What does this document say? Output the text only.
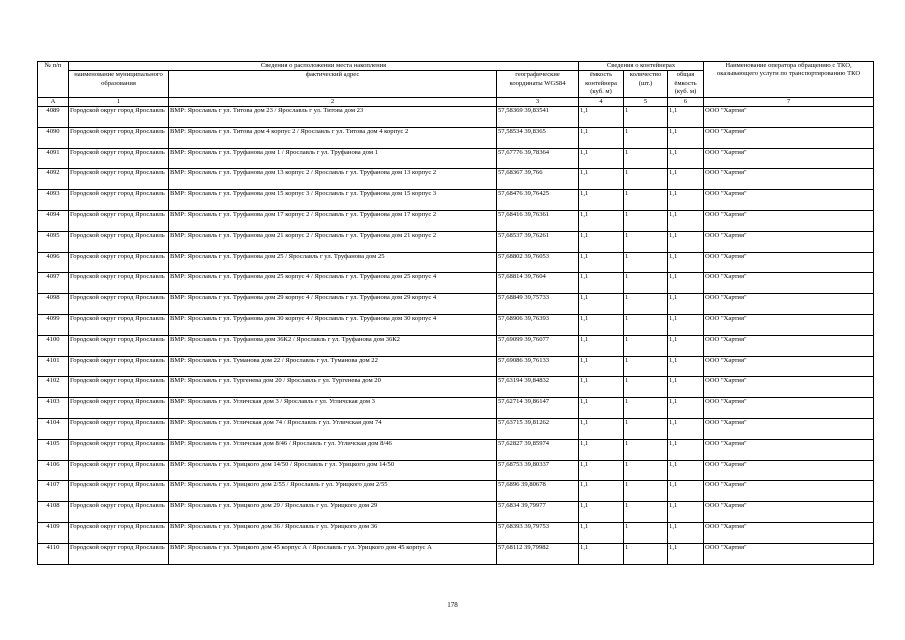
№ п/п	Сведения о расположении места накопления			Сведения о контейнерах			Наименование оператора обращению с ТКО, оказывающего услуги по транспортированию ТКО
	наименование муниципального образования	фактический адрес	географические координаты WGS84	ёмкость контейнера (куб. м)	количество (шт.)	общая ёмкость (куб. м)	
А	1	2	3	4	5	6	7
4089	Городской округ город Ярославль	ВМР: Ярославль г ул. Титова дом 23 / Ярославль г ул. Титова дом 23	57,58369 39,83541	1,1	1	1,1	ООО "Хартия"
4090	Городской округ город Ярославль	ВМР: Ярославль г ул. Титова дом 4 корпус 2 / Ярославль г ул. Титова дом 4 корпус 2	57,58534 39,8365	1,1	1	1,1	ООО "Хартия"
4091	Городской округ город Ярославль	ВМР: Ярославль г ул. Труфанова дом 1 / Ярославль г ул. Труфанова дом 1	57,67776 39,78364	1,1	1	1,1	ООО "Хартия"
4092	Городской округ город Ярославль	ВМР: Ярославль г ул. Труфанова дом 13 корпус 2 / Ярославль г ул. Труфанова дом 13 корпус 2	57,68367 39,766	1,1	1	1,1	ООО "Хартия"
4093	Городской округ город Ярославль	ВМР: Ярославль г ул. Труфанова дом 15 корпус 3 / Ярославль г ул. Труфанова дом 15 корпус 3	57,68476 39,76425	1,1	1	1,1	ООО "Хартия"
4094	Городской округ город Ярославль	ВМР: Ярославль г ул. Труфанова дом 17 корпус 2 / Ярославль г ул. Труфанова дом 17 корпус 2	57,68416 39,76361	1,1	1	1,1	ООО "Хартия"
4095	Городской округ город Ярославль	ВМР: Ярославль г ул. Труфанова дом 21 корпус 2 / Ярославль г ул. Труфанова дом 21 корпус 2	57,68537 39,76261	1,1	1	1,1	ООО "Хартия"
4096	Городской округ город Ярославль	ВМР: Ярославль г ул. Труфанова дом 25 / Ярославль г ул. Труфанова дом 25	57,68802 39,76053	1,1	1	1,1	ООО "Хартия"
4097	Городской округ город Ярославль	ВМР: Ярославль г ул. Труфанова дом 25 корпус 4 / Ярославль г ул. Труфанова дом 25 корпус 4	57,68814 39,7604	1,1	1	1,1	ООО "Хартия"
4098	Городской округ город Ярославль	ВМР: Ярославль г ул. Труфанова дом 29 корпус 4 / Ярославль г ул. Труфанова дом 29 корпус 4	57,68849 39,75733	1,1	1	1,1	ООО "Хартия"
4099	Городской округ город Ярославль	ВМР: Ярославль г ул. Труфанова дом 30 корпус 4 / Ярославль г ул. Труфанова дом 30 корпус 4	57,68906 39,76393	1,1	1	1,1	ООО "Хартия"
4100	Городской округ город Ярославль	ВМР: Ярославль г ул. Труфанова дом 36К2 / Ярославль г ул. Труфанова дом 36К2	57,69099 39,76077	1,1	1	1,1	ООО "Хартия"
4101	Городской округ город Ярославль	ВМР: Ярославль г ул. Туманова дом 22 / Ярославль г ул. Туманова дом 22	57,69086 39,76133	1,1	1	1,1	ООО "Хартия"
4102	Городской округ город Ярославль	ВМР: Ярославль г ул. Тургенева дом 20 / Ярославль г ул. Тургенева дом 20	57,63194 39,84832	1,1	1	1,1	ООО "Хартия"
4103	Городской округ город Ярославль	ВМР: Ярославль г ул. Угличская дом 3 / Ярославль г ул. Угличская дом 3	57,62714 39,86147	1,1	1	1,1	ООО "Хартия"
4104	Городской округ город Ярославль	ВМР: Ярославль г ул. Угличская дом 74 / Ярославль г ул. Угличская дом 74	57,63715 39,81262	1,1	1	1,1	ООО "Хартия"
4105	Городской округ город Ярославль	ВМР: Ярославль г ул. Угличская дом 8/46 / Ярославль г ул. Угличская дом 8/46	57,62827 39,85974	1,1	1	1,1	ООО "Хартия"
4106	Городской округ город Ярославль	ВМР: Ярославль г ул. Урицкого дом 14/50 / Ярославль г ул. Урицкого дом 14/50	57,68753 39,80337	1,1	1	1,1	ООО "Хартия"
4107	Городской округ город Ярославль	ВМР: Ярославль г ул. Урицкого дом 2/55 / Ярославль г ул. Урицкого дом 2/55	57,6896 39,80678	1,1	1	1,1	ООО "Хартия"
4108	Городской округ город Ярославль	ВМР: Ярославль г ул. Урицкого дом 29 / Ярославль г ул. Урицкого дом 29	57,6834 39,79977	1,1	1	1,1	ООО "Хартия"
4109	Городской округ город Ярославль	ВМР: Ярославль г ул. Урицкого дом 36 / Ярославль г ул. Урицкого дом 36	57,68393 39,79753	1,1	1	1,1	ООО "Хартия"
4110	Городской округ город Ярославль	ВМР: Ярославль г ул. Урицкого дом 45 корпус А / Ярославль г ул. Урицкого дом 45 корпус А	57,68112 39,79982	1,1	1	1,1	ООО "Хартия"
178
